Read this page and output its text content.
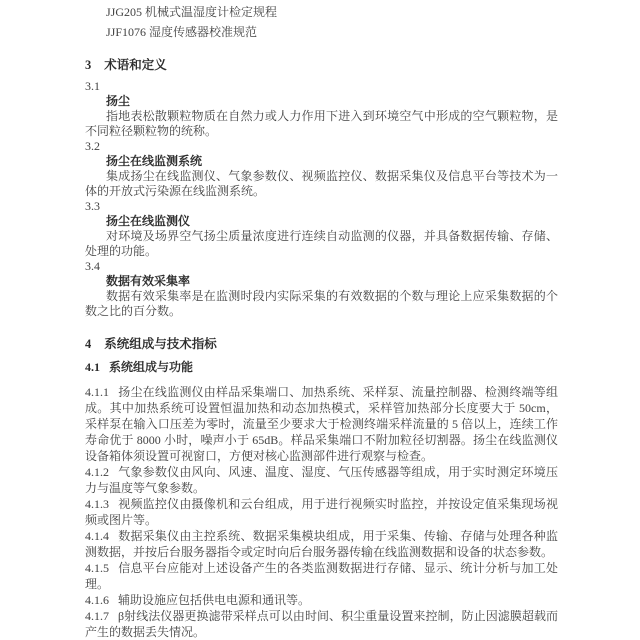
JJG205 机械式温湿度计检定规程

JJF1076 湿度传感器校准规范

3 术语和定义

3.1

扬尘

指地表松散颗粒物质在自然力或人力作用下进入到环境空气中形成的空气颗粒物，是不同粒径颗粒物的统称。

3.2

扬尘在线监测系统

集成扬尘在线监测仪、气象参数仪、视频监控仪、数据采集仪及信息平台等技术为一体的开放式污染源在线监测系统。

3.3

扬尘在线监测仪

对环境及场界空气扬尘质量浓度进行连续自动监测的仪器，并具备数据传输、存储、处理的功能。

3.4

数据有效采集率

数据有效采集率是在监测时段内实际采集的有效数据的个数与理论上应采集数据的个数之比的百分数。

4 系统组成与技术指标
4.1 系统组成与功能

4.1.1 扬尘在线监测仪由样品采集端口、加热系统、采样泵、流量控制器、检测终端等组成。其中加热系统可设置恒温加热和动态加热模式，采样管加热部分长度要大于 50cm，采样泵在输入口压差为零时，流量至少要求大于检测终端采样流量的 5 倍以上，连续工作寿命优于 8000 小时，噪声小于 65dB。样品采集端口不附加粒径切割器。扬尘在线监测仪设备箱体须设置可视窗口，方便对核心监测部件进行观察与检查。

4.1.2 气象参数仪由风向、风速、温度、湿度、气压传感器等组成，用于实时测定环境压力与温度等气象参数。

4.1.3 视频监控仪由摄像机和云台组成，用于进行视频实时监控，并按设定值采集现场视频或图片等。

4.1.4 数据采集仪由主控系统、数据采集模块组成，用于采集、传输、存储与处理各种监测数据，并按后台服务器指令或定时向后台服务器传输在线监测数据和设备的状态参数。

4.1.5 信息平台应能对上述设备产生的各类监测数据进行存储、显示、统计分析与加工处理。

4.1.6 辅助设施应包括供电电源和通讯等。

4.1.7 β射线法仪器更换滤带采样点可以由时间、积尘重量设置来控制，防止因滤膜超载而产生的数据丢失情况。
